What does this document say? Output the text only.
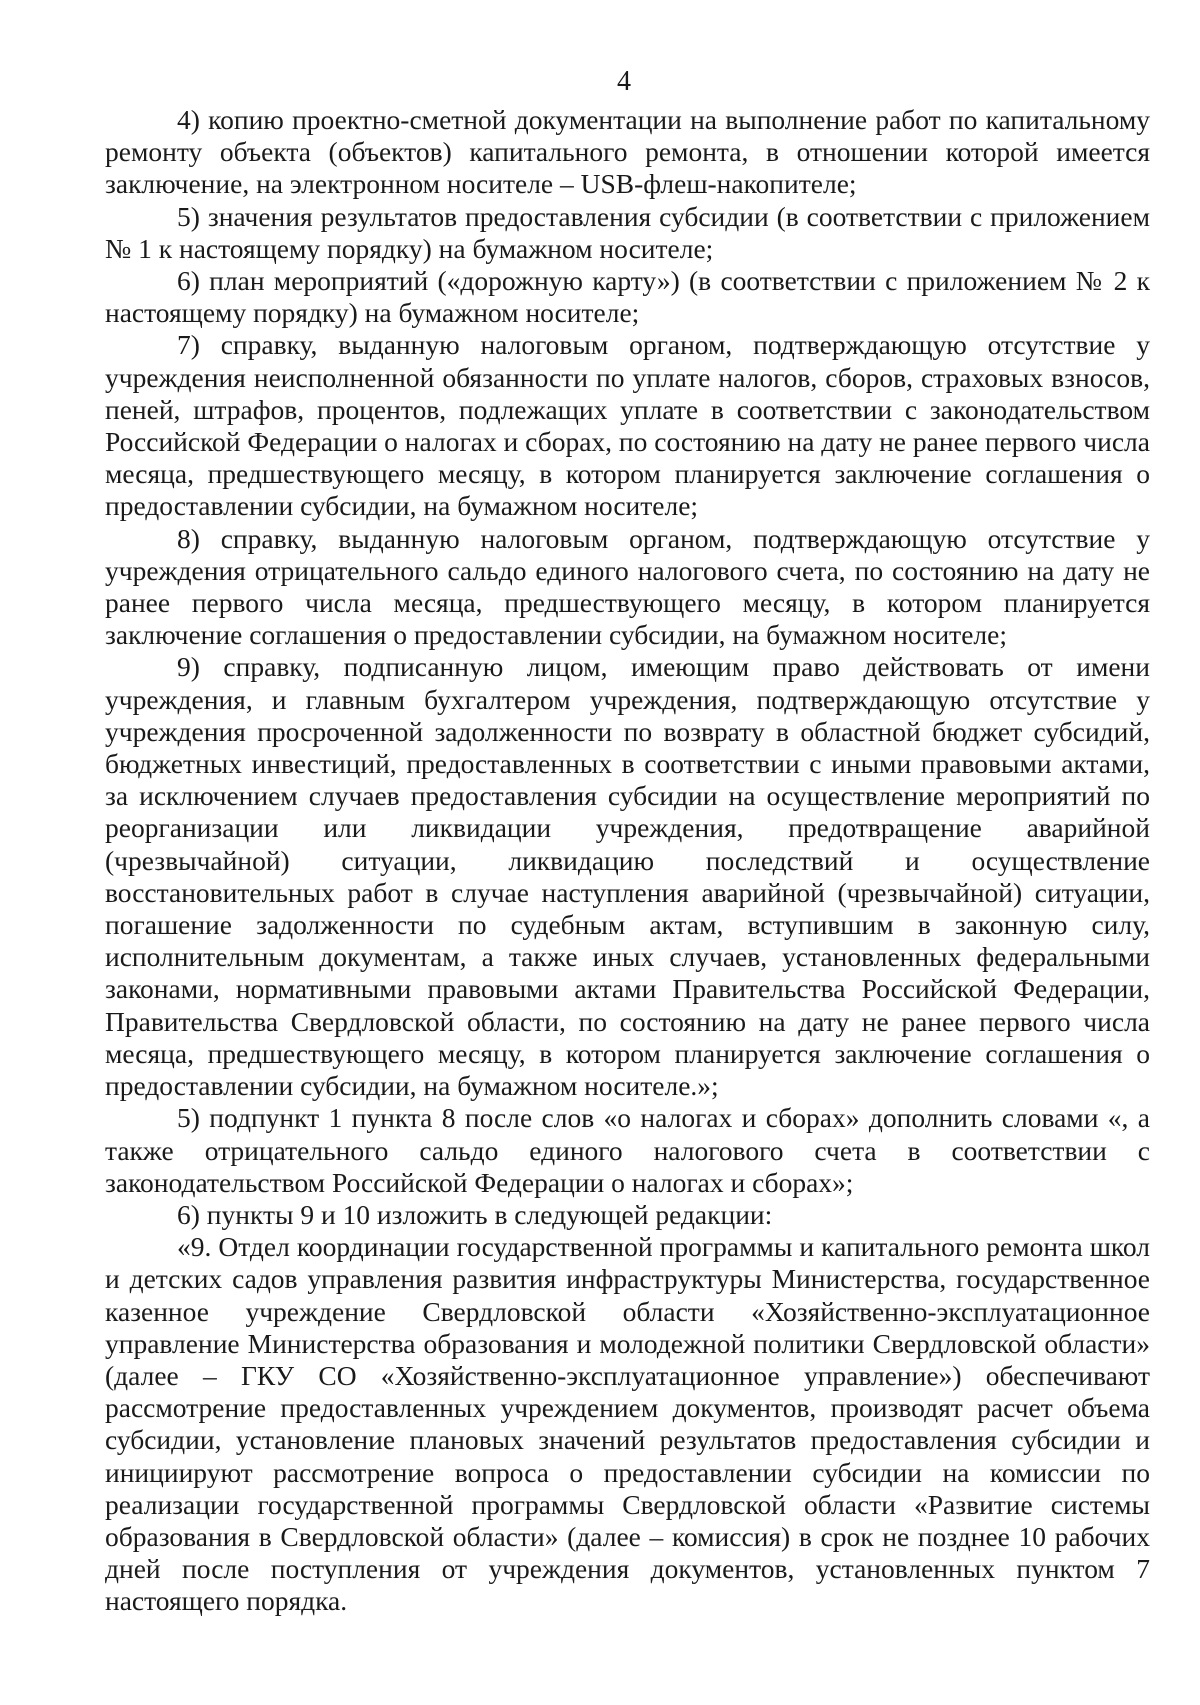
4

4) копию проектно-сметной документации на выполнение работ по капитальному ремонту объекта (объектов) капитального ремонта, в отношении которой имеется заключение, на электронном носителе – USB-флеш-накопителе;

5) значения результатов предоставления субсидии (в соответствии с приложением № 1 к настоящему порядку) на бумажном носителе;

6) план мероприятий («дорожную карту») (в соответствии с приложением № 2 к настоящему порядку) на бумажном носителе;

7) справку, выданную налоговым органом, подтверждающую отсутствие у учреждения неисполненной обязанности по уплате налогов, сборов, страховых взносов, пеней, штрафов, процентов, подлежащих уплате в соответствии с законодательством Российской Федерации о налогах и сборах, по состоянию на дату не ранее первого числа месяца, предшествующего месяцу, в котором планируется заключение соглашения о предоставлении субсидии, на бумажном носителе;

8) справку, выданную налоговым органом, подтверждающую отсутствие у учреждения отрицательного сальдо единого налогового счета, по состоянию на дату не ранее первого числа месяца, предшествующего месяцу, в котором планируется заключение соглашения о предоставлении субсидии, на бумажном носителе;

9) справку, подписанную лицом, имеющим право действовать от имени учреждения, и главным бухгалтером учреждения, подтверждающую отсутствие у учреждения просроченной задолженности по возврату в областной бюджет субсидий, бюджетных инвестиций, предоставленных в соответствии с иными правовыми актами, за исключением случаев предоставления субсидии на осуществление мероприятий по реорганизации или ликвидации учреждения, предотвращение аварийной (чрезвычайной) ситуации, ликвидацию последствий и осуществление восстановительных работ в случае наступления аварийной (чрезвычайной) ситуации, погашение задолженности по судебным актам, вступившим в законную силу, исполнительным документам, а также иных случаев, установленных федеральными законами, нормативными правовыми актами Правительства Российской Федерации, Правительства Свердловской области, по состоянию на дату не ранее первого числа месяца, предшествующего месяцу, в котором планируется заключение соглашения о предоставлении субсидии, на бумажном носителе.»;

5) подпункт 1 пункта 8 после слов «о налогах и сборах» дополнить словами «, а также отрицательного сальдо единого налогового счета в соответствии с законодательством Российской Федерации о налогах и сборах»;

6) пункты 9 и 10 изложить в следующей редакции:

«9. Отдел координации государственной программы и капитального ремонта школ и детских садов управления развития инфраструктуры Министерства, государственное казенное учреждение Свердловской области «Хозяйственно-эксплуатационное управление Министерства образования и молодежной политики Свердловской области» (далее – ГКУ СО «Хозяйственно-эксплуатационное управление») обеспечивают рассмотрение предоставленных учреждением документов, производят расчет объема субсидии, установление плановых значений результатов предоставления субсидии и инициируют рассмотрение вопроса о предоставлении субсидии на комиссии по реализации государственной программы Свердловской области «Развитие системы образования в Свердловской области» (далее – комиссия) в срок не позднее 10 рабочих дней после поступления от учреждения документов, установленных пунктом 7 настоящего порядка.
